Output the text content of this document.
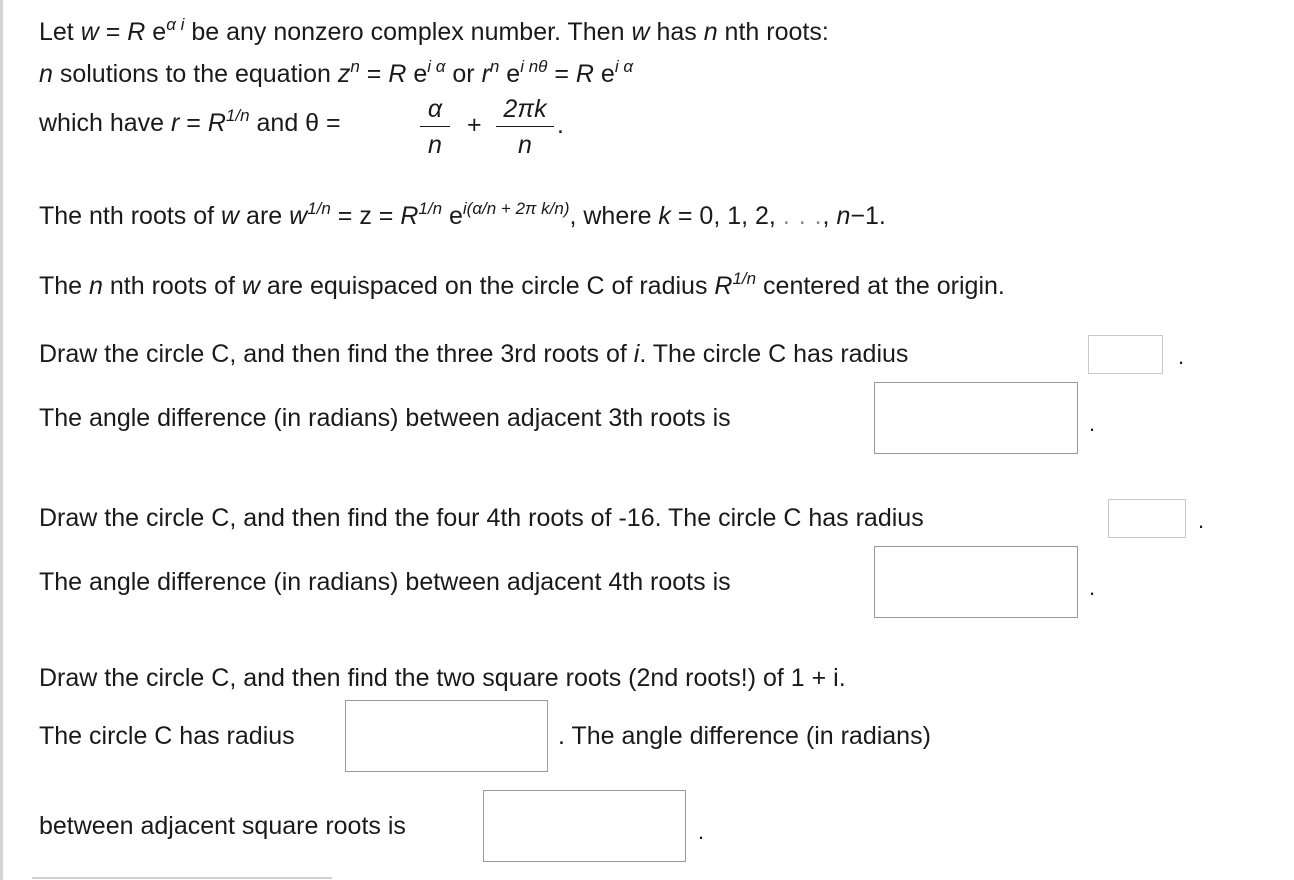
Let w = R $e^{\alpha i}$ be any nonzero complex number. Then w has n nth roots:
n solutions to the equation $z^n = R$ $e^{i \alpha}$ or $r^n$ $e^{i n\theta} = R$ $e^{i \alpha}$
which have $r = R^{1/n}$ and θ =	$\frac{\alpha}{n} + \frac{2\pi k}{n}$ .
The nth roots of w are $w^{1/n} = z = R^{1/n}$ $e^{i(\alpha/n + 2\pi k/n)}$, where k = 0, 1, 2, . . ., n−1.
The n nth roots of w are equispaced on the circle C of radius $R^{1/n}$ centered at the origin.
Draw the circle C, and then find the three 3rd roots of i. The circle C has radius	.
The angle difference (in radians) between adjacent 3th roots is	.
Draw the circle C, and then find the four 4th roots of -16. The circle C has radius	.
The angle difference (in radians) between adjacent 4th roots is	.
Draw the circle C, and then find the two square roots (2nd roots!) of 1 + i.
The circle C has radius	. The angle difference (in radians)
between adjacent square roots is	.
